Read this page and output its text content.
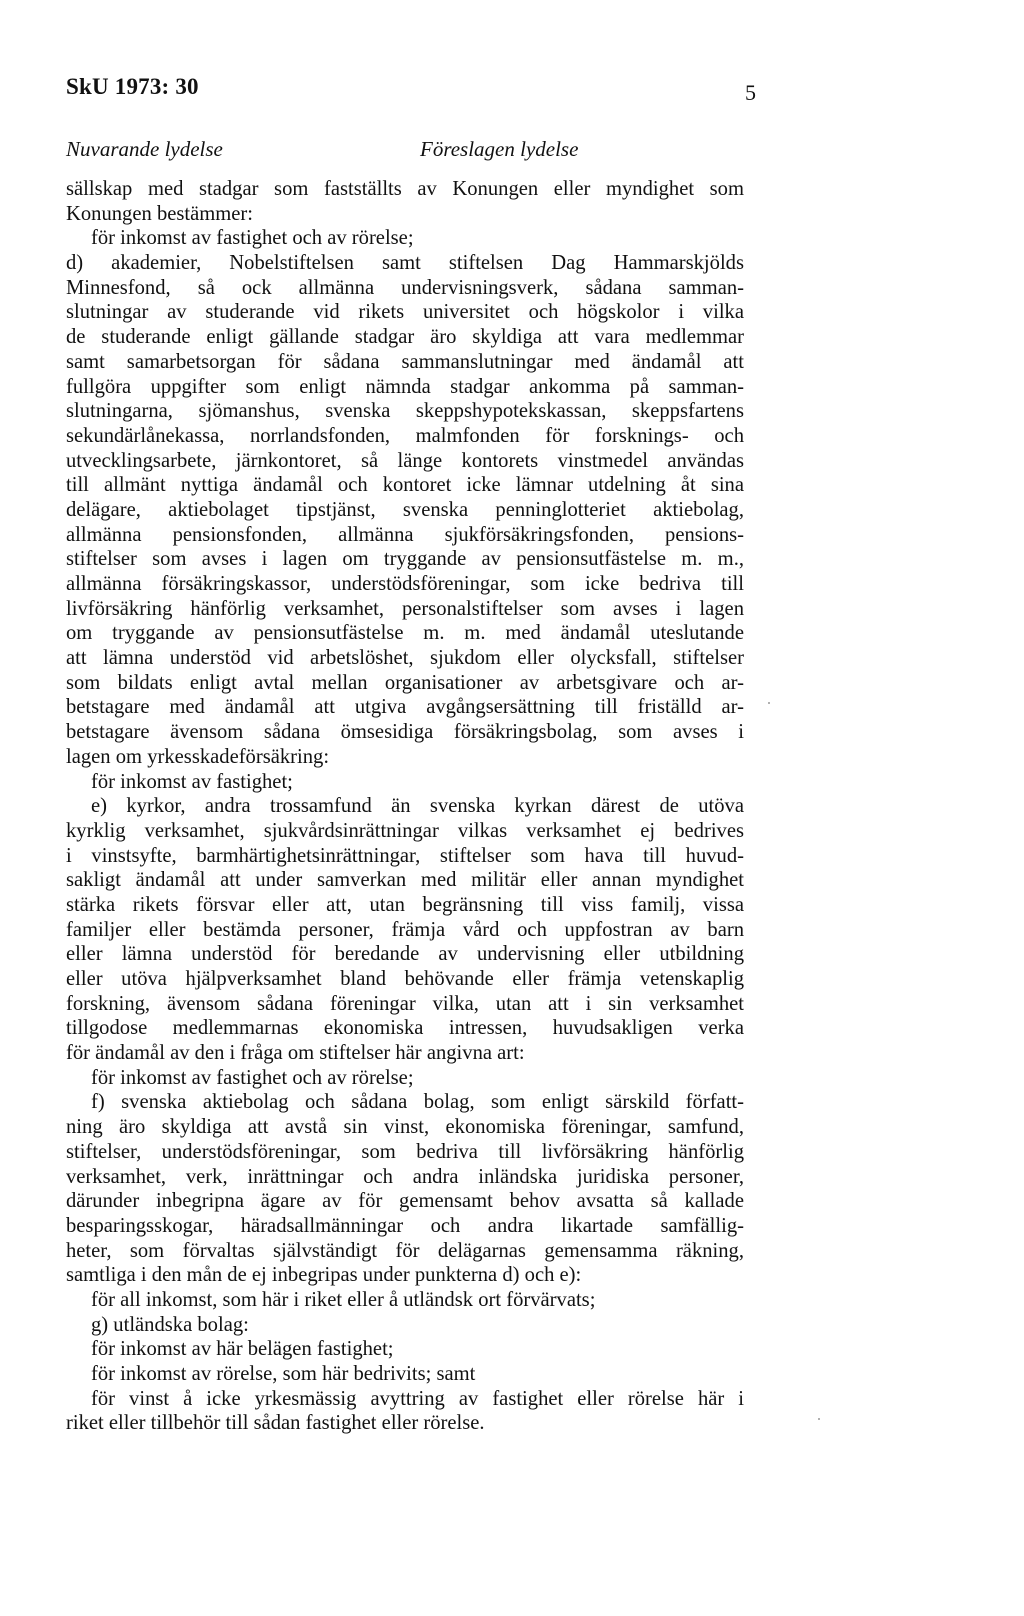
SkU 1973: 30	5
Nuvarande lydelse	Föreslagen lydelse
sällskap med stadgar som fastställts av Konungen eller myndighet som
Konungen bestämmer:
för inkomst av fastighet och av rörelse;
d) akademier, Nobelstiftelsen samt stiftelsen Dag Hammarskjölds
Minnesfond, så ock allmänna undervisningsverk, sådana samman-
slutningar av studerande vid rikets universitet och högskolor i vilka
de studerande enligt gällande stadgar äro skyldiga att vara medlemmar
samt samarbetsorgan för sådana sammanslutningar med ändamål att
fullgöra uppgifter som enligt nämnda stadgar ankomma på samman-
slutningarna, sjömanshus, svenska skeppshypotekskassan, skeppsfartens
sekundärlånekassa, norrlandsfonden, malmfonden för forsknings- och
utvecklingsarbete, järnkontoret, så länge kontorets vinstmedel användas
till allmänt nyttiga ändamål och kontoret icke lämnar utdelning åt sina
delägare, aktiebolaget tipstjänst, svenska penninglotteriet aktiebolag,
allmänna pensionsfonden, allmänna sjukförsäkringsfonden, pensions-
stiftelser som avses i lagen om tryggande av pensionsutfästelse m. m.,
allmänna försäkringskassor, understödsföreningar, som icke bedriva till
livförsäkring hänförlig verksamhet, personalstiftelser som avses i lagen
om tryggande av pensionsutfästelse m. m. med ändamål uteslutande
att lämna understöd vid arbetslöshet, sjukdom eller olycksfall, stiftelser
som bildats enligt avtal mellan organisationer av arbetsgivare och ar-
betstagare med ändamål att utgiva avgångsersättning till friställd ar-
betstagare ävensom sådana ömsesidiga försäkringsbolag, som avses i
lagen om yrkesskadeförsäkring:
för inkomst av fastighet;
e) kyrkor, andra trossamfund än svenska kyrkan därest de utöva
kyrklig verksamhet, sjukvårdsinrättningar vilkas verksamhet ej bedrives
i vinstsyfte, barmhärtighetsinrättningar, stiftelser som hava till huvud-
sakligt ändamål att under samverkan med militär eller annan myndighet
stärka rikets försvar eller att, utan begränsning till viss familj, vissa
familjer eller bestämda personer, främja vård och uppfostran av barn
eller lämna understöd för beredande av undervisning eller utbildning
eller utöva hjälpverksamhet bland behövande eller främja vetenskaplig
forskning, ävensom sådana föreningar vilka, utan att i sin verksamhet
tillgodose medlemmarnas ekonomiska intressen, huvudsakligen verka
för ändamål av den i fråga om stiftelser här angivna art:
för inkomst av fastighet och av rörelse;
f) svenska aktiebolag och sådana bolag, som enligt särskild författ-
ning äro skyldiga att avstå sin vinst, ekonomiska föreningar, samfund,
stiftelser, understödsföreningar, som bedriva till livförsäkring hänförlig
verksamhet, verk, inrättningar och andra inländska juridiska personer,
därunder inbegripna ägare av för gemensamt behov avsatta så kallade
besparingsskogar, häradsallmänningar och andra likartade samfällig-
heter, som förvaltas självständigt för delägarnas gemensamma räkning,
samtliga i den mån de ej inbegripas under punkterna d) och e):
för all inkomst, som här i riket eller å utländsk ort förvärvats;
g) utländska bolag:
för inkomst av här belägen fastighet;
för inkomst av rörelse, som här bedrivits; samt
för vinst å icke yrkesmässig avyttring av fastighet eller rörelse här i
riket eller tillbehör till sådan fastighet eller rörelse.
